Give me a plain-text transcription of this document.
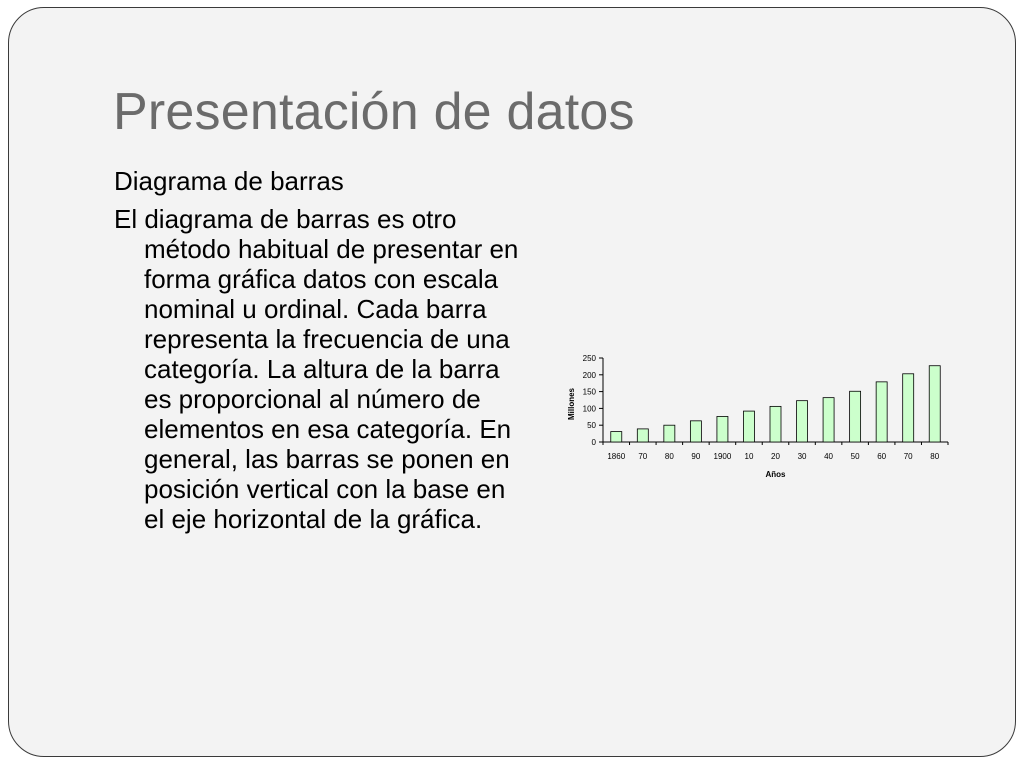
Presentación de datos

Diagrama de barras

El diagrama de barras es otro método habitual de presentar en forma gráfica datos con escala nominal u ordinal. Cada barra representa la frecuencia de una categoría. La altura de la barra es proporcional al número de elementos en esa categoría. En general, las barras se ponen en posición vertical con la base en el eje horizontal de la gráfica.

0
50
100
150
200
250
1860 70 80 90 1900 10 20 30 40 50 60 70 80
Años
Millones
